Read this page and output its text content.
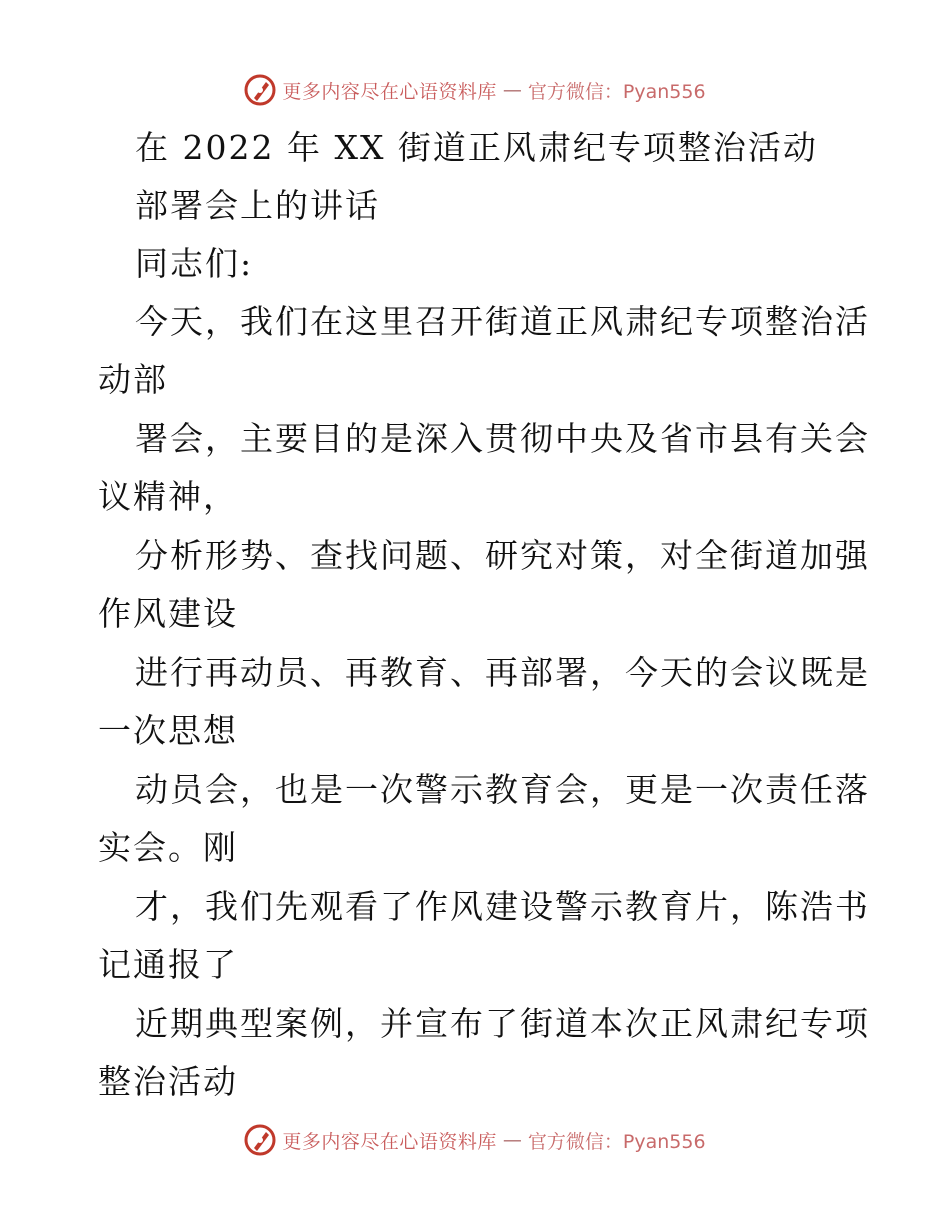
更多内容尽在心语资料库 — 官方微信：Pyan556
在 2022 年 XX 街道正风肃纪专项整治活动
部署会上的讲话
同志们:
今天，我们在这里召开街道正风肃纪专项整治活
动部
署会，主要目的是深入贯彻中央及省市县有关会
议精神，
分析形势、查找问题、研究对策，对全街道加强
作风建设
进行再动员、再教育、再部署，今天的会议既是
一次思想
动员会，也是一次警示教育会，更是一次责任落
实会。刚
才，我们先观看了作风建设警示教育片，陈浩书
记通报了
近期典型案例，并宣布了街道本次正风肃纪专项
整治活动
更多内容尽在心语资料库 — 官方微信：Pyan556
